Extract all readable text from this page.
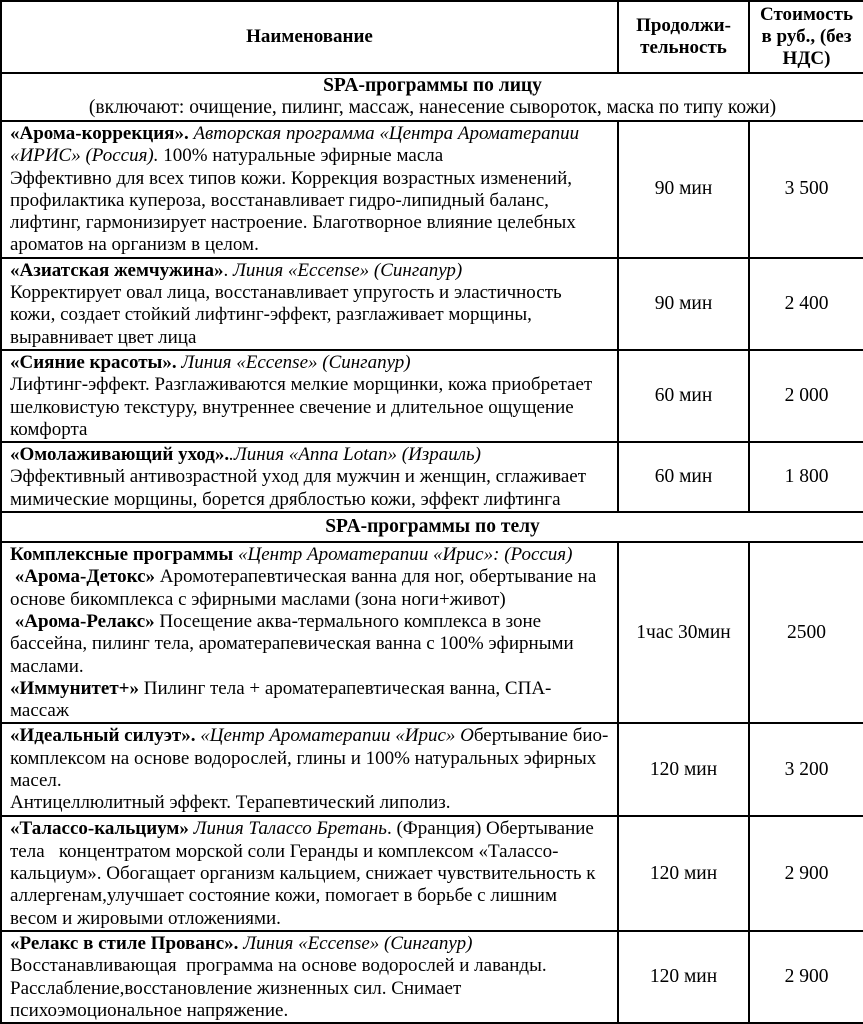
Наименование	Продолжи-тельность	Стоимость в руб., (без НДС)

SPA-программы по лицу
(включают: очищение, пилинг, массаж, нанесение сывороток, маска по типу кожи)		

«Арома-коррекция». Авторская программа «Центра Ароматерапии «ИРИС» (Россия). 100% натуральные эфирные масла
Эффективно для всех типов кожи. Коррекция возрастных изменений, профилактика купероза, восстанавливает гидро-липидный баланс, лифтинг, гармонизирует настроение. Благотворное влияние целебных ароматов на организм в целом.	90 мин	3 500

«Азиатская жемчужина». Линия «Eccense» (Сингапур)
Корректирует овал лица, восстанавливает упругость и эластичность кожи, создает стойкий лифтинг-эффект, разглаживает морщины, выравнивает цвет лица	90 мин	2 400

«Сияние красоты». Линия «Eccense» (Сингапур)
Лифтинг-эффект. Разглаживаются мелкие морщинки, кожа приобретает шелковистую текстуру, внутреннее свечение и длительное ощущение комфорта	60 мин	2 000

«Омолаживающий уход»..Линия «Anna Lotan» (Израиль)
Эффективный антивозрастной уход для мужчин и женщин, сглаживает мимические морщины, борется дряблостью кожи, эффект лифтинга	60 мин	1 800

SPA-программы по телу		

Комплексные программы «Центр Ароматерапии «Ирис»: (Россия)
«Арома-Детокс» Аромотерапевтическая ванна для ног, обертывание на основе бикомплекса с эфирными маслами (зона ноги+живот)
«Арома-Релакс» Посещение аква-термального комплекса в зоне бассейна, пилинг тела, ароматерапевическая ванна с 100% эфирными маслами.
«Иммунитет+» Пилинг тела + ароматерапевтическая ванна, СПА-массаж	1час 30мин	2500

«Идеальный силуэт». «Центр Ароматерапии «Ирис» Обертывание био-комплексом на основе водорослей, глины и 100% натуральных эфирных масел.
Антицеллюлитный эффект. Терапевтический липолиз.	120 мин	3 200

«Талассо-кальциум» Линия Талассо Бретань. (Франция) Обертывание тела   концентратом морской соли Геранды и комплексом «Талассо-кальциум». Обогащает организм кальцием, снижает чувствительность к аллергенам,улучшает состояние кожи, помогает в борьбе с лишним весом и жировыми отложениями.	120 мин	2 900

«Релакс в стиле Прованс». Линия «Eccense» (Сингапур)
Восстанавливающая  программа на основе водорослей и лаванды. Расслабление,восстановление жизненных сил. Снимает психоэмоциональное напряжение.	120 мин	2 900
